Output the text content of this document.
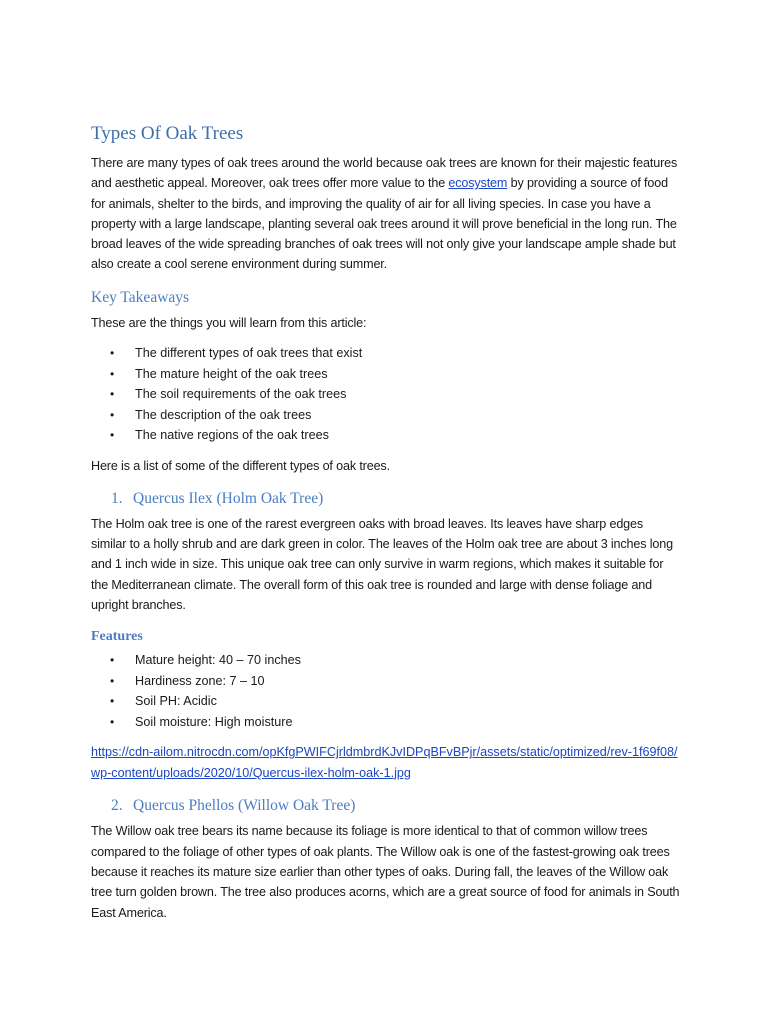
Types Of Oak Trees

There are many types of oak trees around the world because oak trees are known for their majestic features and aesthetic appeal. Moreover, oak trees offer more value to the ecosystem by providing a source of food for animals, shelter to the birds, and improving the quality of air for all living species. In case you have a property with a large landscape, planting several oak trees around it will prove beneficial in the long run. The broad leaves of the wide spreading branches of oak trees will not only give your landscape ample shade but also create a cool serene environment during summer.

Key Takeaways

These are the things you will learn from this article:

• The different types of oak trees that exist
• The mature height of the oak trees
• The soil requirements of the oak trees
• The description of the oak trees
• The native regions of the oak trees

Here is a list of some of the different types of oak trees.

1. Quercus Ilex (Holm Oak Tree)

The Holm oak tree is one of the rarest evergreen oaks with broad leaves. Its leaves have sharp edges similar to a holly shrub and are dark green in color. The leaves of the Holm oak tree are about 3 inches long and 1 inch wide in size. This unique oak tree can only survive in warm regions, which makes it suitable for the Mediterranean climate. The overall form of this oak tree is rounded and large with dense foliage and upright branches.

Features
• Mature height: 40 – 70 inches
• Hardiness zone: 7 – 10
• Soil PH: Acidic
• Soil moisture: High moisture
https://cdn-ailom.nitrocdn.com/opKfgPWIFCjrldmbrdKJvIDPqBFvBPjr/assets/static/optimized/rev-1f69f08/wp-content/uploads/2020/10/Quercus-ilex-holm-oak-1.jpg
2. Quercus Phellos (Willow Oak Tree)

The Willow oak tree bears its name because its foliage is more identical to that of common willow trees compared to the foliage of other types of oak plants. The Willow oak is one of the fastest-growing oak trees because it reaches its mature size earlier than other types of oaks. During fall, the leaves of the Willow oak tree turn golden brown. The tree also produces acorns, which are a great source of food for animals in South East America.
